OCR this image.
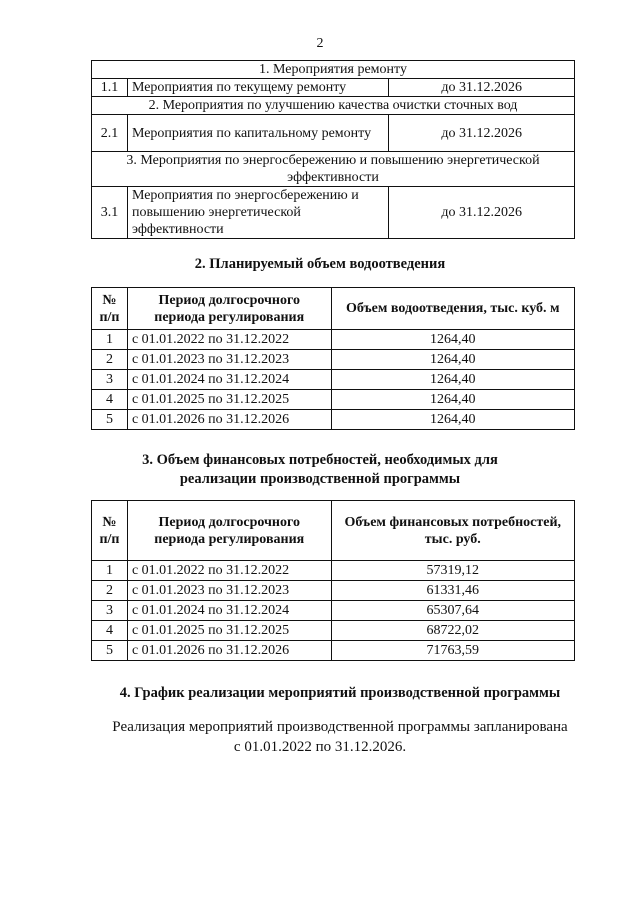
2
1. Мероприятия ремонту		
1.1	Мероприятия по текущему ремонту	до 31.12.2026
2. Мероприятия по улучшению качества очистки сточных вод		
2.1	Мероприятия по капитальному ремонту	до 31.12.2026
3. Мероприятия по энергосбережению и повышению энергетической эффективности		
3.1	Мероприятия по энергосбережению и повышению энергетической эффективности	до 31.12.2026
2. Планируемый объем водоотведения
№ п/п	Период долгосрочного периода регулирования	Объем водоотведения, тыс. куб. м
1	с 01.01.2022 по 31.12.2022	1264,40
2	с 01.01.2023 по 31.12.2023	1264,40
3	с 01.01.2024 по 31.12.2024	1264,40
4	с 01.01.2025 по 31.12.2025	1264,40
5	с 01.01.2026 по 31.12.2026	1264,40
3. Объем финансовых потребностей, необходимых для
реализации производственной программы
№ п/п	Период долгосрочного периода регулирования	Объем финансовых потребностей, тыс. руб.
1	с 01.01.2022 по 31.12.2022	57319,12
2	с 01.01.2023 по 31.12.2023	61331,46
3	с 01.01.2024 по 31.12.2024	65307,64
4	с 01.01.2025 по 31.12.2025	68722,02
5	с 01.01.2026 по 31.12.2026	71763,59
4. График реализации мероприятий производственной программы
Реализация мероприятий производственной программы запланирована
с 01.01.2022 по 31.12.2026.
